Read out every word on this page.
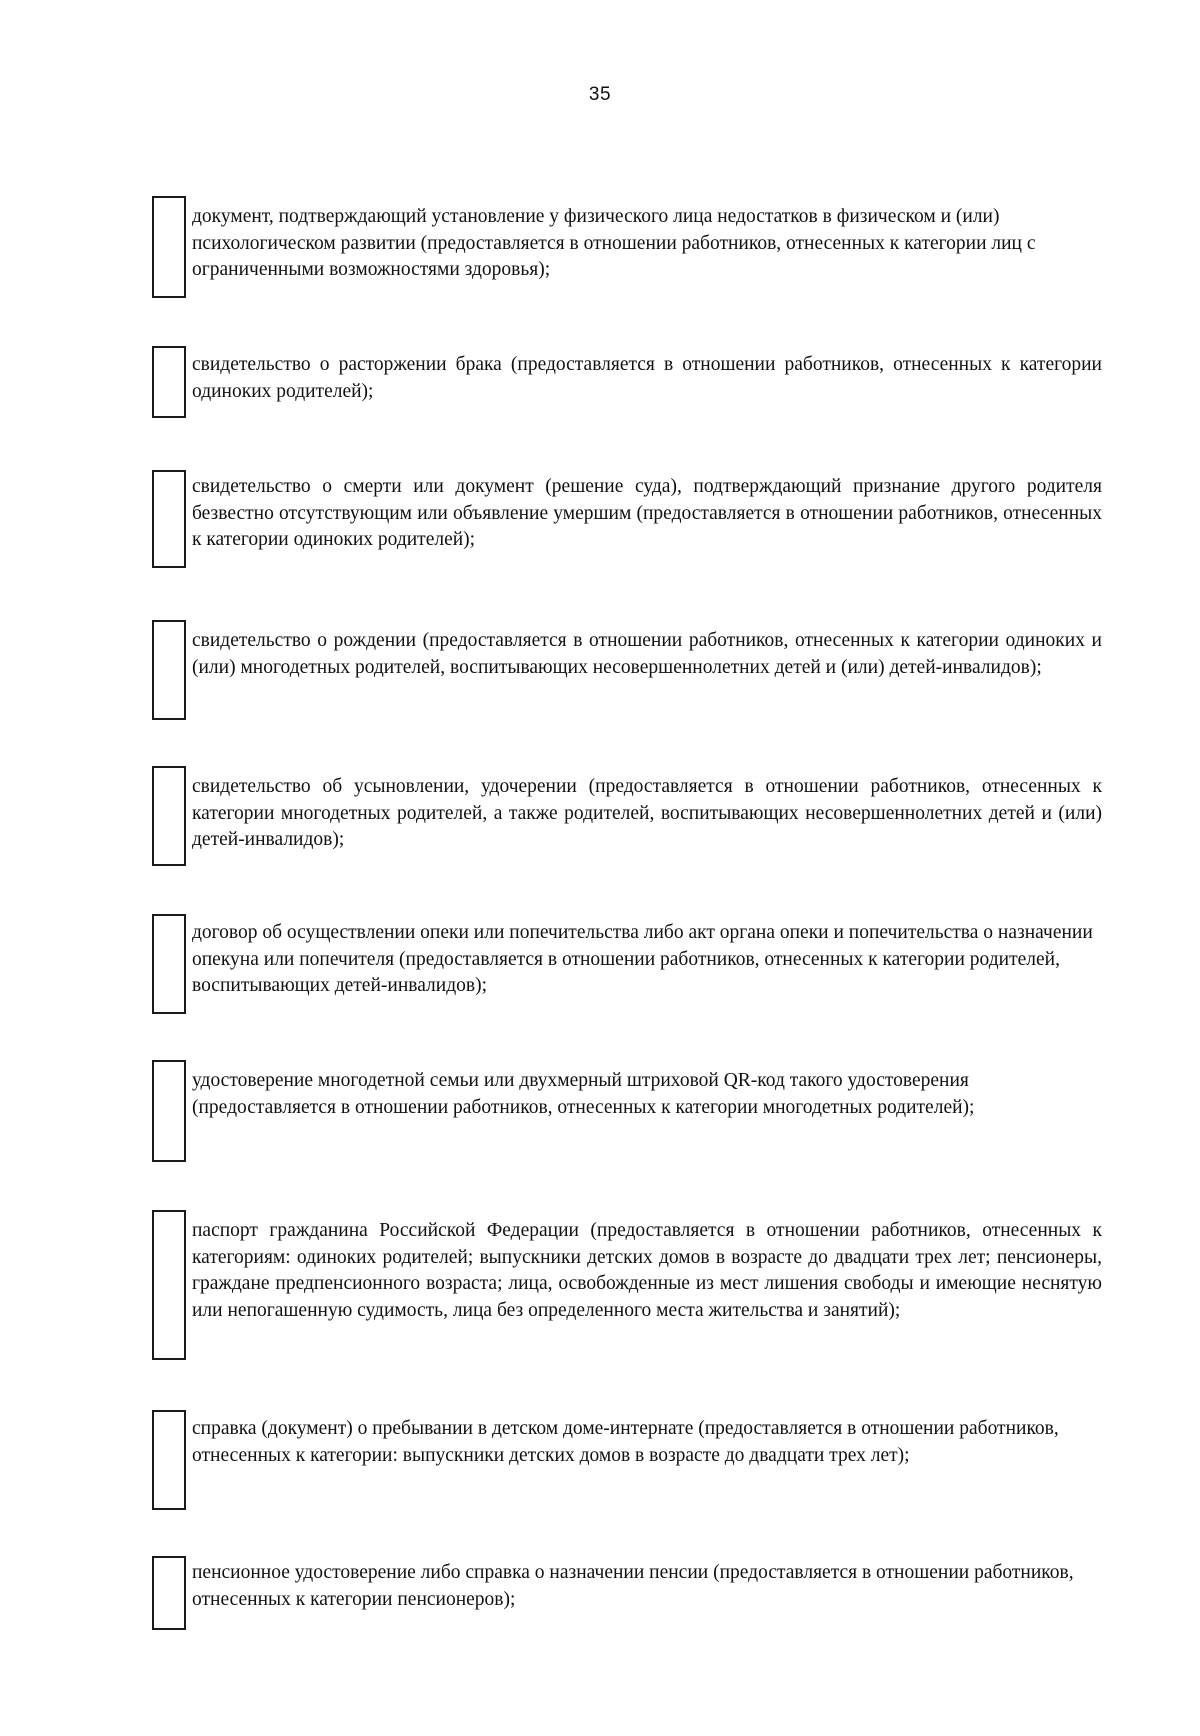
35
документ, подтверждающий установление у физического лица недостатков в физическом и (или) психологическом развитии (предоставляется в отношении работников, отнесенных к категории лиц с ограниченными возможностями здоровья);
свидетельство о расторжении брака (предоставляется в отношении работников, отнесенных к категории одиноких родителей);
свидетельство о смерти или документ (решение суда), подтверждающий признание другого родителя безвестно отсутствующим или объявление умершим (предоставляется в отношении работников, отнесенных к категории одиноких родителей);
свидетельство о рождении (предоставляется в отношении работников, отнесенных к категории одиноких и (или) многодетных родителей, воспитывающих несовершеннолетних детей и (или) детей-инвалидов);
свидетельство об усыновлении, удочерении (предоставляется в отношении работников, отнесенных к категории многодетных родителей, а также родителей, воспитывающих несовершеннолетних детей и (или) детей-инвалидов);
договор об осуществлении опеки или попечительства либо акт органа опеки и попечительства о назначении опекуна или попечителя (предоставляется в отношении работников, отнесенных к категории родителей, воспитывающих детей-инвалидов);
удостоверение многодетной семьи или двухмерный штриховой QR-код такого удостоверения (предоставляется в отношении работников, отнесенных к категории многодетных родителей);
паспорт гражданина Российской Федерации (предоставляется в отношении работников, отнесенных к категориям: одиноких родителей; выпускники детских домов в возрасте до двадцати трех лет; пенсионеры, граждане предпенсионного возраста; лица, освобожденные из мест лишения свободы и имеющие неснятую или непогашенную судимость, лица без определенного места жительства и занятий);
справка (документ) о пребывании в детском доме-интернате (предоставляется в отношении работников, отнесенных к категории: выпускники детских домов в возрасте до двадцати трех лет);
пенсионное удостоверение либо справка о назначении пенсии (предоставляется в отношении работников, отнесенных к категории пенсионеров);
